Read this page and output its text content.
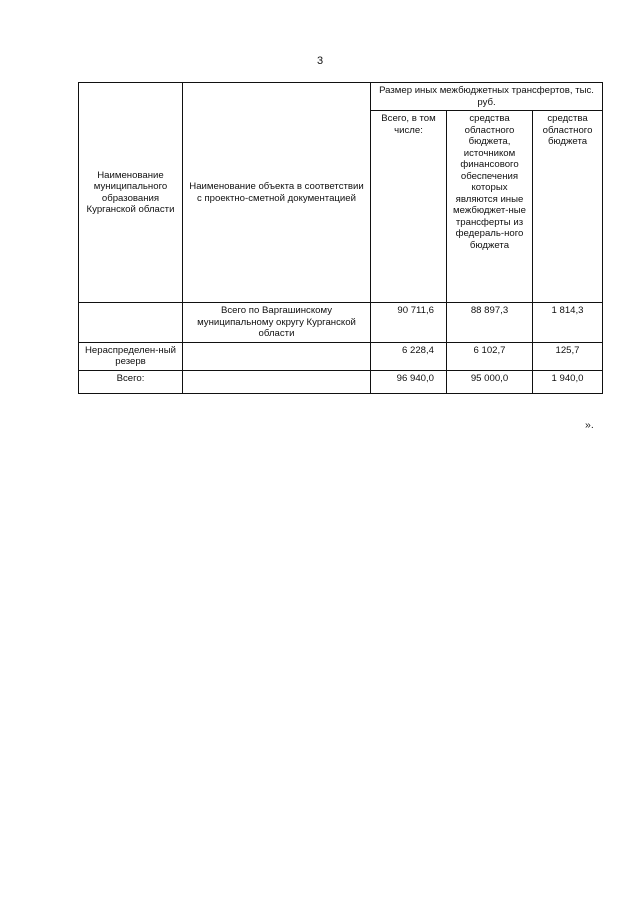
3
Наименование муниципального образования Курганской области	Наименование объекта в соответствии с проектно-сметной документацией	Размер иных межбюджетных трансфертов, тыс. руб.		
		Всего, в том числе:	средства областного бюджета, источником финансового обеспечения которых являются иные межбюджет-ные трансферты из федераль-ного бюджета	средства областного бюджета
	Всего по Варгашинскому муниципальному округу Курганской области	90 711,6	88 897,3	1 814,3
Нераспределен-ный резерв		6 228,4	6 102,7	125,7
Всего:		96 940,0	95 000,0	1 940,0
».
